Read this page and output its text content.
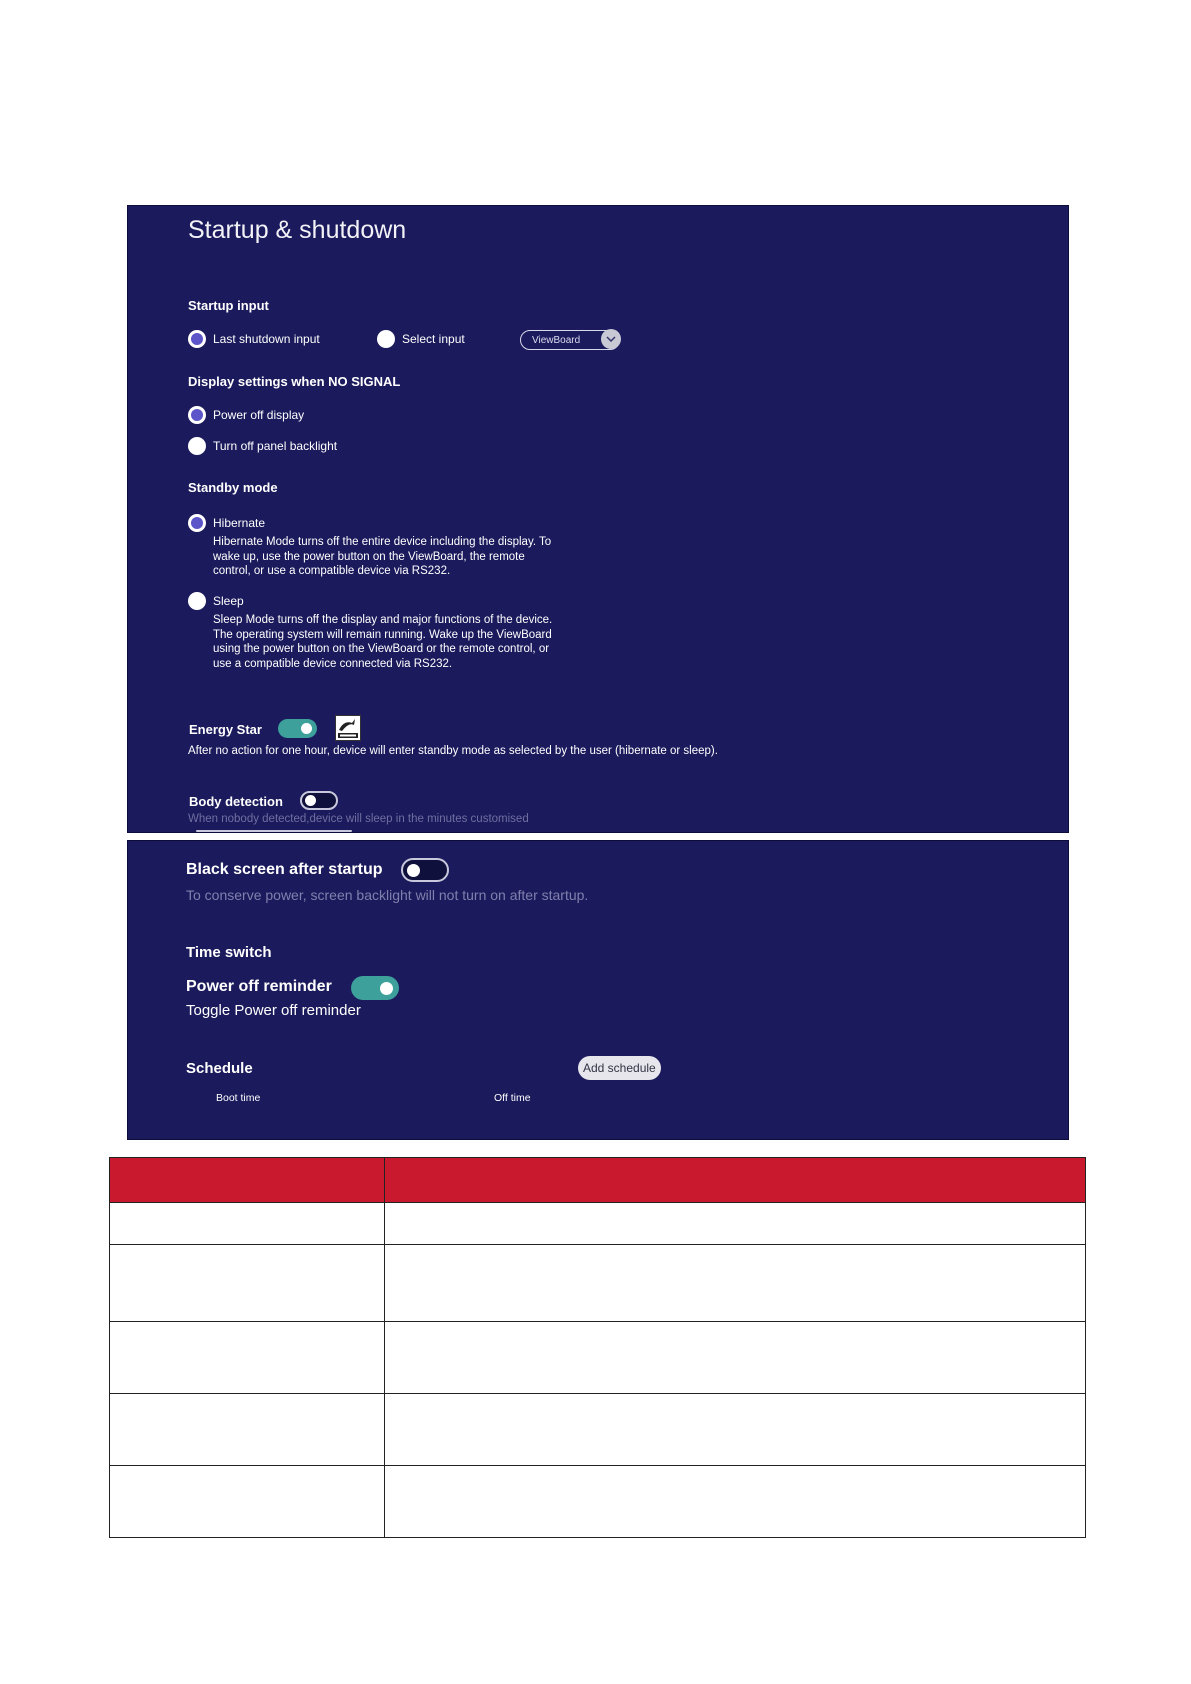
Startup & shutdown
Startup input
Last shutdown input	Select input	ViewBoard
Display settings when NO SIGNAL
Power off display
Turn off panel backlight
Standby mode
Hibernate
Hibernate Mode turns off the entire device including the display. To wake up, use the power button on the ViewBoard, the remote control, or use a compatible device via RS232.
Sleep
Sleep Mode turns off the display and major functions of the device. The operating system will remain running. Wake up the ViewBoard using the power button on the ViewBoard or the remote control, or use a compatible device connected via RS232.
Energy Star
After no action for one hour, device will enter standby mode as selected by the user (hibernate or sleep).
Body detection
When nobody detected,device will sleep in the minutes customised
Black screen after startup
To conserve power, screen backlight will not turn on after startup.
Time switch
Power off reminder
Toggle Power off reminder
Schedule	Add schedule
Boot time	Off time
